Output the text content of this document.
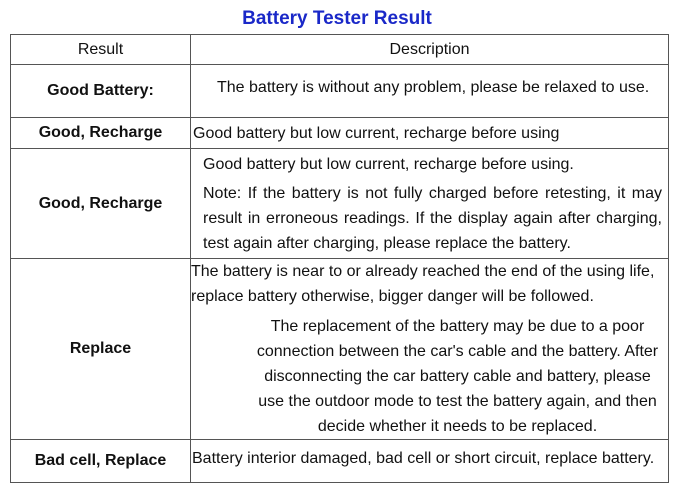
Battery Tester Result
Result	Description
Good Battery:	The battery is without any problem, please be relaxed to use.

Good, Recharge	Good battery but low current, recharge before using

Good, Recharge	Good battery but low current, recharge before using.
Note: If the battery is not fully charged before retesting, it may result in erroneous readings. If the display again after charging, test again after charging, please replace the battery.

Replace	The battery is near to or already reached the end of the using life, replace battery otherwise, bigger danger will be followed.
The replacement of the battery may be due to a poor connection between the car's cable and the battery. After disconnecting the car battery cable and battery, please use the outdoor mode to test the battery again, and then decide whether it needs to be replaced.

Bad cell, Replace	Battery interior damaged, bad cell or short circuit, replace battery.
